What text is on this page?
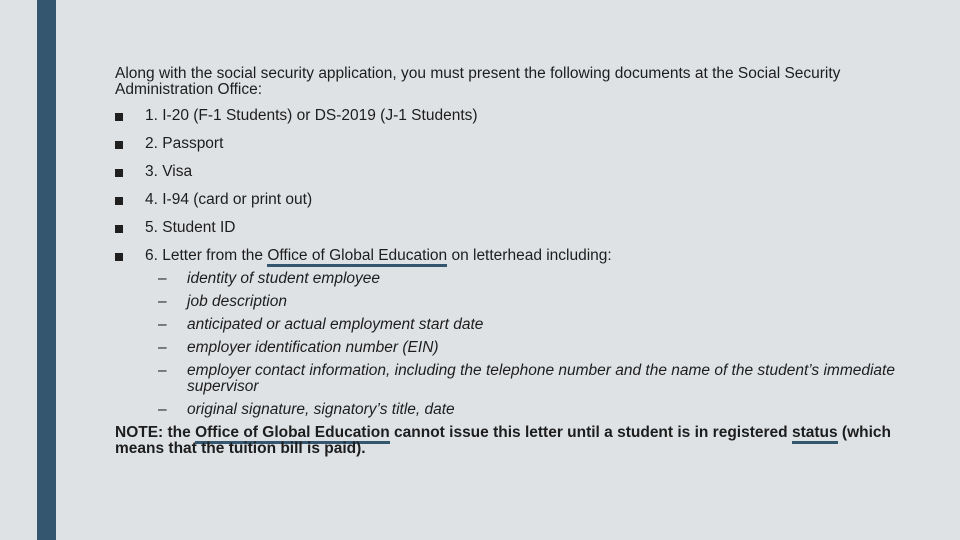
Along with the social security application, you must present the following documents at the Social Security Administration Office:

1. I-20 (F-1 Students) or DS-2019 (J-1 Students)
2. Passport
3. Visa
4. I-94 (card or print out)
5. Student ID
6. Letter from the Office of Global Education on letterhead including:
– identity of student employee
– job description
– anticipated or actual employment start date
– employer identification number (EIN)
– employer contact information, including the telephone number and the name of the student’s immediate supervisor
– original signature, signatory’s title, date

NOTE: the Office of Global Education cannot issue this letter until a student is in registered status (which means that the tuition bill is paid).
